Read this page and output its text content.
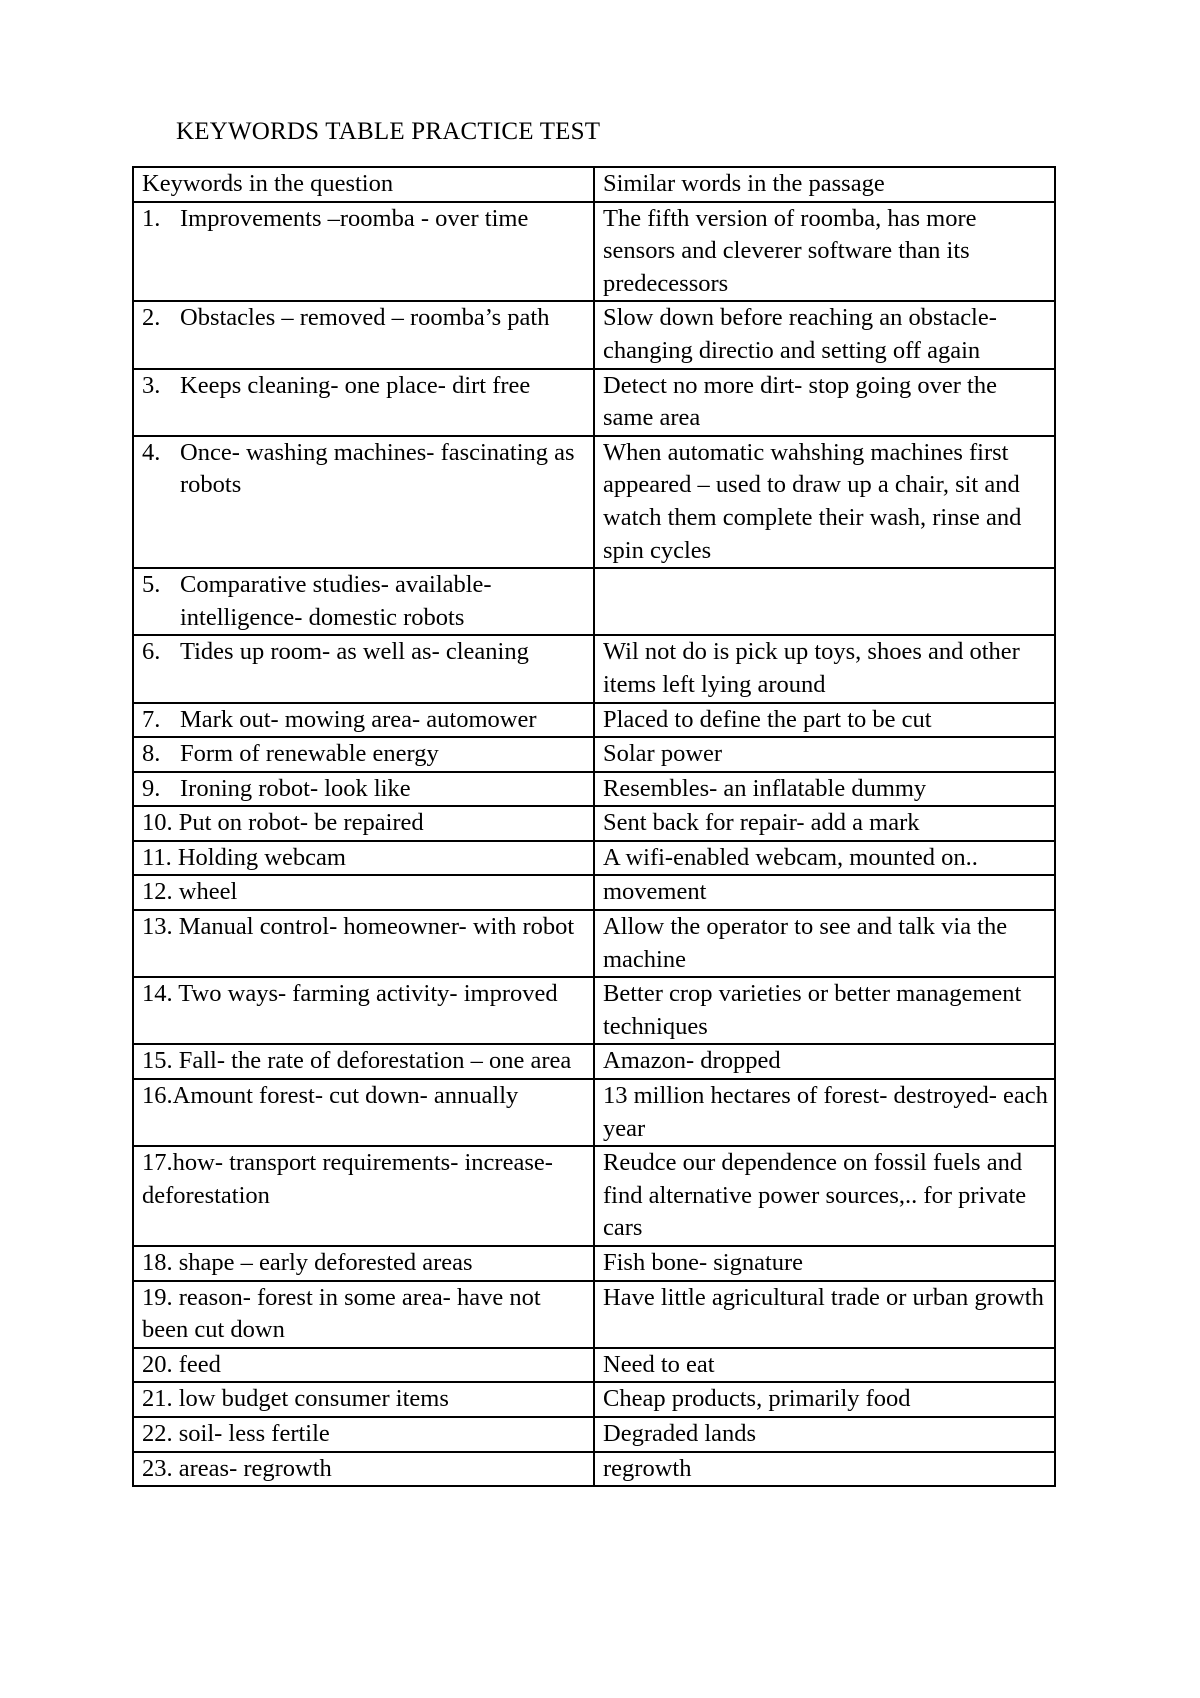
KEYWORDS TABLE PRACTICE TEST
Keywords in the question	Similar words in the passage

1. Improvements –roomba - over time	The fifth version of roomba, has more sensors and cleverer software than its predecessors

2. Obstacles – removed – roomba’s path	Slow down before reaching an obstacle- changing directio and setting off again

3. Keeps cleaning- one place- dirt free	Detect no more dirt- stop going over the same area

4. Once- washing machines- fascinating as robots	When automatic wahshing machines first appeared – used to draw up a chair, sit and watch them complete their wash, rinse and spin cycles

5. Comparative studies- available- intelligence- domestic robots	

6. Tides up room- as well as- cleaning	Wil not do is pick up toys, shoes and other items left lying around

7. Mark out- mowing area- automower	Placed to define the part to be cut

8. Form of renewable energy	Solar power

9. Ironing robot- look like	Resembles- an inflatable dummy

10. Put on robot- be repaired	Sent back for repair- add a mark

11. Holding webcam	A wifi-enabled webcam, mounted on..

12. wheel	movement

13. Manual control- homeowner- with robot	Allow the operator to see and talk via the machine

14. Two ways- farming activity- improved	Better crop varieties or better management techniques

15. Fall- the rate of deforestation – one area	Amazon- dropped

16.Amount forest- cut down- annually	13 million hectares of forest- destroyed- each year

17.how- transport requirements- increase- deforestation	Reudce our dependence on fossil fuels and find alternative power sources,.. for private cars

18. shape – early deforested areas	Fish bone- signature

19. reason- forest in some area- have not been cut down	Have little agricultural trade or urban growth

20. feed	Need to eat

21. low budget consumer items	Cheap products, primarily food

22. soil- less fertile	Degraded lands

23. areas- regrowth	regrowth
